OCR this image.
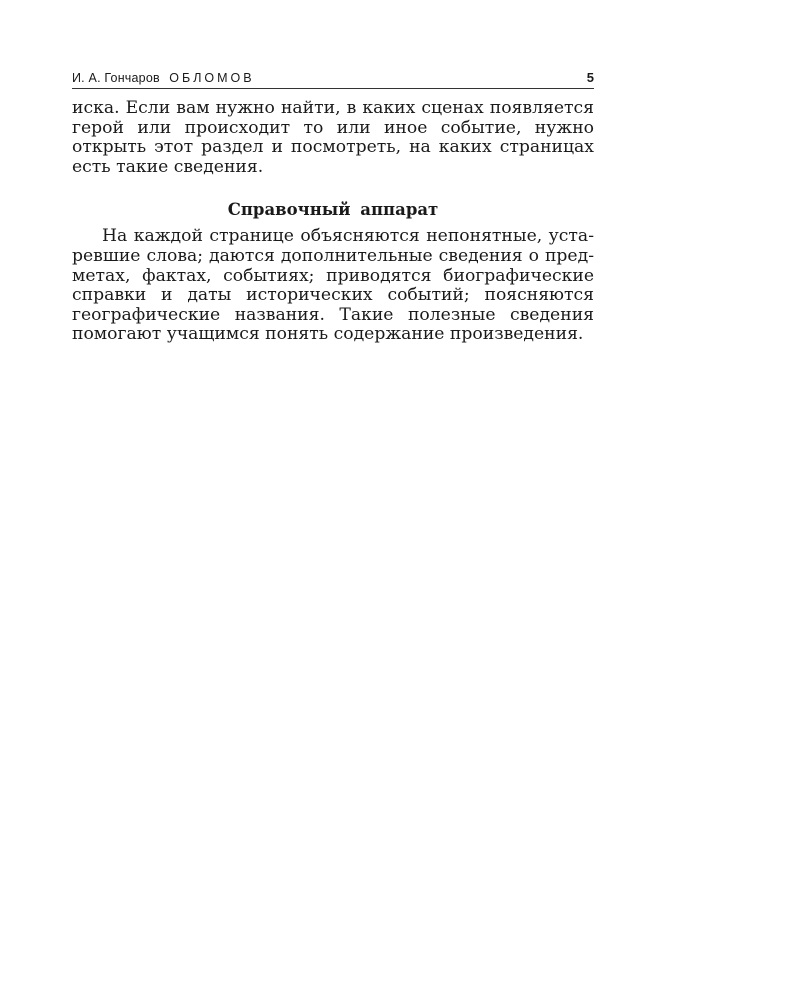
И. А. Гончаров ОБЛОМОВ	5

иска. Если вам нужно найти, в каких сценах появляется герой или происходит то или иное событие, нужно открыть этот раздел и посмотреть, на каких страницах есть такие сведения.

Справочный аппарат

На каждой странице объясняются непонятные, устаревшие слова; даются дополнительные сведения о предметах, фактах, событиях; приводятся биографические справки и даты исторических событий; поясняются географические названия. Такие полезные сведения помогают учащимся понять содержание произведения.
